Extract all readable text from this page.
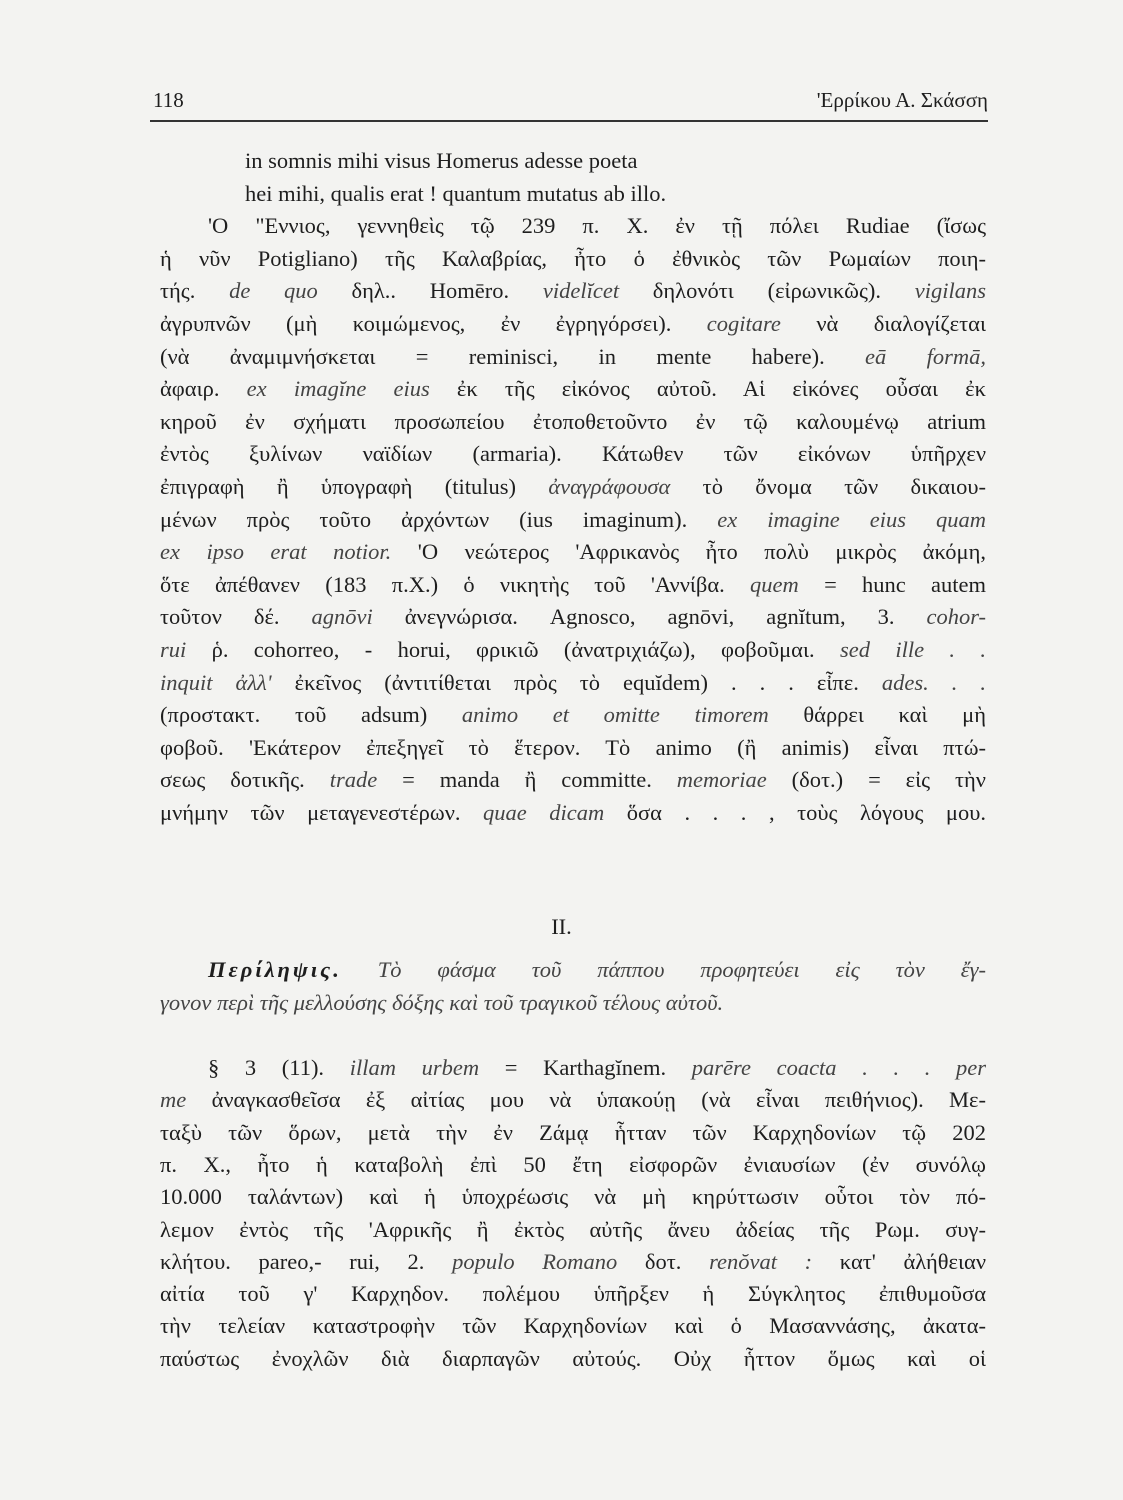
118	'Ερρίκου Α. Σκάσση
in somnis mihi visus Homerus adesse poeta
hei mihi, qualis erat ! quantum mutatus ab illo.
'Ο "Εννιος, γεννηθεὶς τῷ 239 π. Χ. ἐν τῇ πόλει Rudiae (ἴσως
ἡ νῦν Potigliano) τῆς Καλαβρίας, ἦτο ὁ ἐθνικὸς τῶν Ρωμαίων ποιη-
τής. de quo δηλ.. Homēro. videlĭcet δηλονότι (εἰρωνικῶς). vigilans
ἀγρυπνῶν (μὴ κοιμώμενος, ἐν ἐγρηγόρσει). cogitare νὰ διαλογίζεται
(νὰ ἀναμιμνήσκεται = reminisci, in mente habere). eā formā,
ἀφαιρ. ex imagĭne eius ἐκ τῆς εἰκόνος αὐτοῦ. Αἱ εἰκόνες οὖσαι ἐκ
κηροῦ ἐν σχήματι προσωπείου ἐτοποθετοῦντο ἐν τῷ καλουμένῳ atrium
ἐντὸς ξυλίνων ναϊδίων (armaria). Κάτωθεν τῶν εἰκόνων ὑπῆρχεν
ἐπιγραφὴ ἢ ὑπογραφὴ (titulus) ἀναγράφουσα τὸ ὄνομα τῶν δικαιου-
μένων πρὸς τοῦτο ἀρχόντων (ius imaginum). ex imagine eius quam
ex ipso erat notior. 'Ο νεώτερος 'Αφρικανὸς ἦτο πολὺ μικρὸς ἀκόμη,
ὅτε ἀπέθανεν (183 π.Χ.) ὁ νικητὴς τοῦ 'Αννίβα. quem = hunc autem
τοῦτον δέ. agnōvi ἀνεγνώρισα. Agnosco, agnōvi, agnĭtum, 3. cohor-
rui ῥ. cohorreo, - horui, φρικιῶ (ἀνατριχιάζω), φοβοῦμαι. sed ille . .
inquit ἀλλ' ἐκεῖνος (ἀντιτίθεται πρὸς τὸ equĭdem) . . . εἶπε. ades. . .
(προστακτ. τοῦ adsum) animo et omitte timorem θάρρει καὶ μὴ
φοβοῦ. 'Εκάτερον ἐπεξηγεῖ τὸ ἕτερον. Τὸ animo (ἢ animis) εἶναι πτώ-
σεως δοτικῆς. trade = manda ἢ committe. memoriae (δοτ.) = εἰς τὴν
μνήμην τῶν μεταγενεστέρων. quae dicam ὅσα . . . , τοὺς λόγους μου.
Περίληψις. Τὸ φάσμα τοῦ πάππου προφητεύει εἰς τὸν ἔγ-
γονον περὶ τῆς μελλούσης δόξης καὶ τοῦ τραγικοῦ τέλους αὐτοῦ.
§ 3 (11). illam urbem = Karthagĭnem. parēre coacta . . . per
me ἀναγκασθεῖσα ἐξ αἰτίας μου νὰ ὑπακούῃ (νὰ εἶναι πειθήνιος). Με-
ταξὺ τῶν ὅρων, μετὰ τὴν ἐν Ζάμᾳ ἧτταν τῶν Καρχηδονίων τῷ 202
π. Χ., ἦτο ἡ καταβολὴ ἐπὶ 50 ἔτη εἰσφορῶν ἐνιαυσίων (ἐν συνόλῳ
10.000 ταλάντων) καὶ ἡ ὑποχρέωσις νὰ μὴ κηρύττωσιν οὗτοι τὸν πό-
λεμον ἐντὸς τῆς 'Αφρικῆς ἢ ἐκτὸς αὐτῆς ἄνευ ἀδείας τῆς Ρωμ. συγ-
κλήτου. pareo,- rui, 2. populo Romano δοτ. renŏvat : κατ' ἀλήθειαν
αἰτία τοῦ γ' Καρχηδον. πολέμου ὑπῆρξεν ἡ Σύγκλητος ἐπιθυμοῦσα
τὴν τελείαν καταστροφὴν τῶν Καρχηδονίων καὶ ὁ Μασαννάσης, ἀκατα-
παύστως ἐνοχλῶν διὰ διαρπαγῶν αὐτούς. Οὐχ ἧττον ὅμως καὶ οἱ
II.
